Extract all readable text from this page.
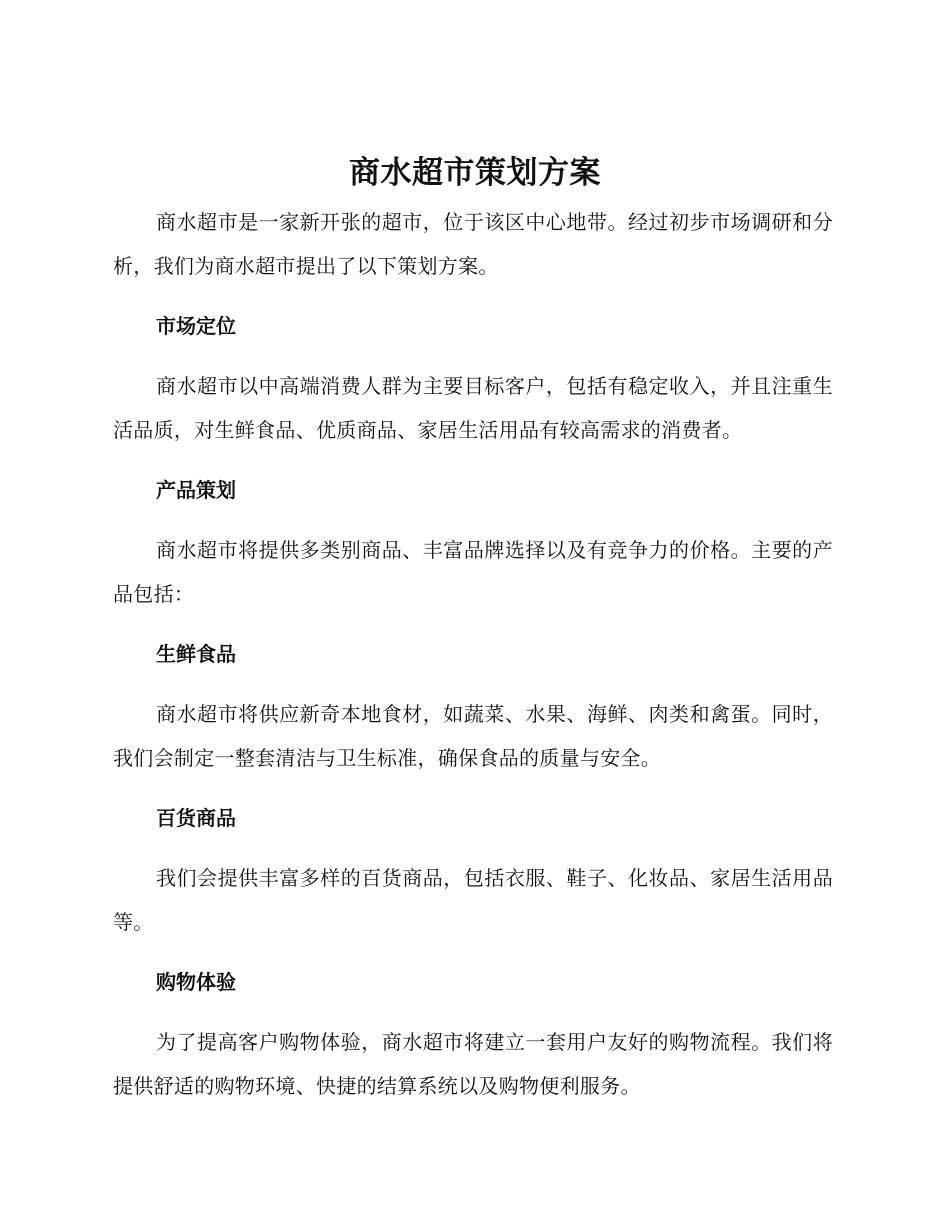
商水超市策划方案

商水超市是一家新开张的超市，位于该区中心地带。经过初步市场调研和分析，我们为商水超市提出了以下策划方案。

市场定位

商水超市以中高端消费人群为主要目标客户，包括有稳定收入，并且注重生活品质，对生鲜食品、优质商品、家居生活用品有较高需求的消费者。

产品策划

商水超市将提供多类别商品、丰富品牌选择以及有竞争力的价格。主要的产品包括：

生鲜食品

商水超市将供应新奇本地食材，如蔬菜、水果、海鲜、肉类和禽蛋。同时，我们会制定一整套清洁与卫生标准，确保食品的质量与安全。

百货商品

我们会提供丰富多样的百货商品，包括衣服、鞋子、化妆品、家居生活用品等。

购物体验

为了提高客户购物体验，商水超市将建立一套用户友好的购物流程。我们将提供舒适的购物环境、快捷的结算系统以及购物便利服务。
